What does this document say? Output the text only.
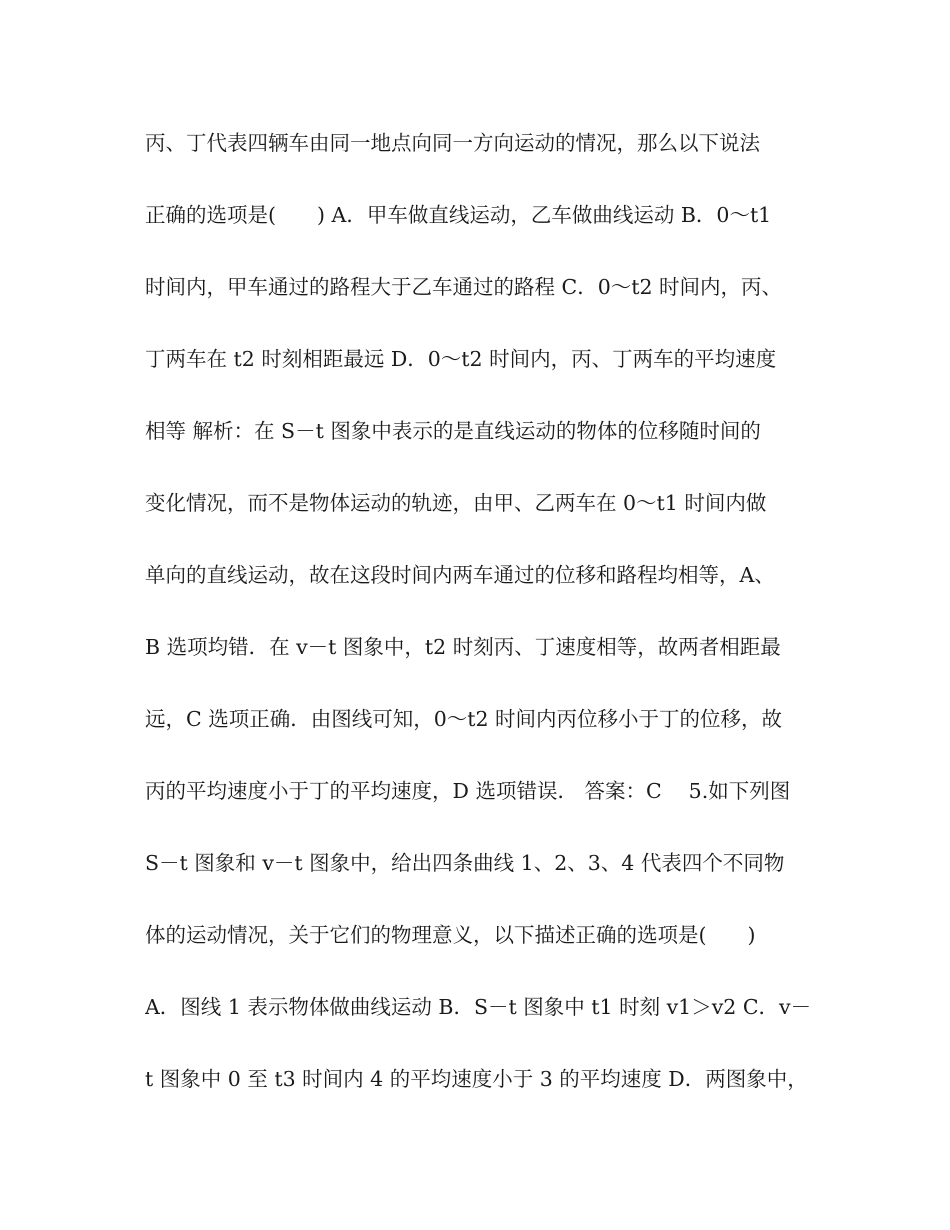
丙、丁代表四辆车由同一地点向同一方向运动的情况，那么以下说法
正确的选项是(　　) A．甲车做直线运动，乙车做曲线运动 B．0～t1
时间内，甲车通过的路程大于乙车通过的路程 C．0～t2 时间内，丙、
丁两车在 t2 时刻相距最远 D．0～t2 时间内，丙、丁两车的平均速度
相等 解析：在 S－t 图象中表示的是直线运动的物体的位移随时间的
变化情况，而不是物体运动的轨迹，由甲、乙两车在 0～t1 时间内做
单向的直线运动，故在这段时间内两车通过的位移和路程均相等，A、
B 选项均错．在 v－t 图象中，t2 时刻丙、丁速度相等，故两者相距最
远，C 选项正确．由图线可知，0～t2 时间内丙位移小于丁的位移，故
丙的平均速度小于丁的平均速度，D 选项错误． 答案：C　 5.如下列图
S－t 图象和 v－t 图象中，给出四条曲线 1、2、3、4 代表四个不同物
体的运动情况，关于它们的物理意义，以下描述正确的选项是(　　)
A．图线 1 表示物体做曲线运动 B．S－t 图象中 t1 时刻 v1＞v2 C．v－
t 图象中 0 至 t3 时间内 4 的平均速度小于 3 的平均速度 D．两图象中，
